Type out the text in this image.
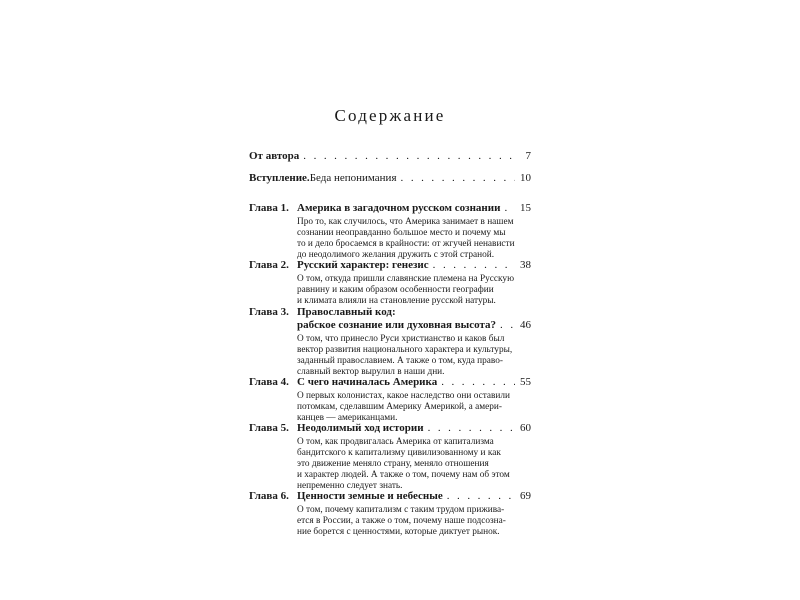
Содержание
От автора . . .	7
Вступление. Беда непонимания . . .	10
Глава 1. Америка в загадочном русском сознании . . . 15
Про то, как случилось, что Америка занимает в нашем
сознании неоправданно большое место и почему мы
то и дело бросаемся в крайности: от жгучей ненависти
до неодолимого желания дружить с этой страной.
Глава 2. Русский характер: генезис . . .	38
О том, откуда пришли славянские племена на Русскую
равнину и каким образом особенности географии
и климата влияли на становление русской натуры.
Глава 3. Православный код:
рабское сознание или духовная высота? . . . 46
О том, что принесло Руси христианство и каков был
вектор развития национального характера и культуры,
заданный православием. А также о том, куда право-
славный вектор вырулил в наши дни.
Глава 4. С чего начиналась Америка . . .	55
О первых колонистах, какое наследство они оставили
потомкам, сделавшим Америку Америкой, а амери-
канцев — американцами.
Глава 5. Неодолимый ход истории . . .	60
О том, как продвигалась Америка от капитализма
бандитского к капитализму цивилизованному и как
это движение меняло страну, меняло отношения
и характер людей. А также о том, почему нам об этом
непременно следует знать.
Глава 6. Ценности земные и небесные . . .	69
О том, почему капитализм с таким трудом прижива-
ется в России, а также о том, почему наше подсозна-
ние борется с ценностями, которые диктует рынок.
